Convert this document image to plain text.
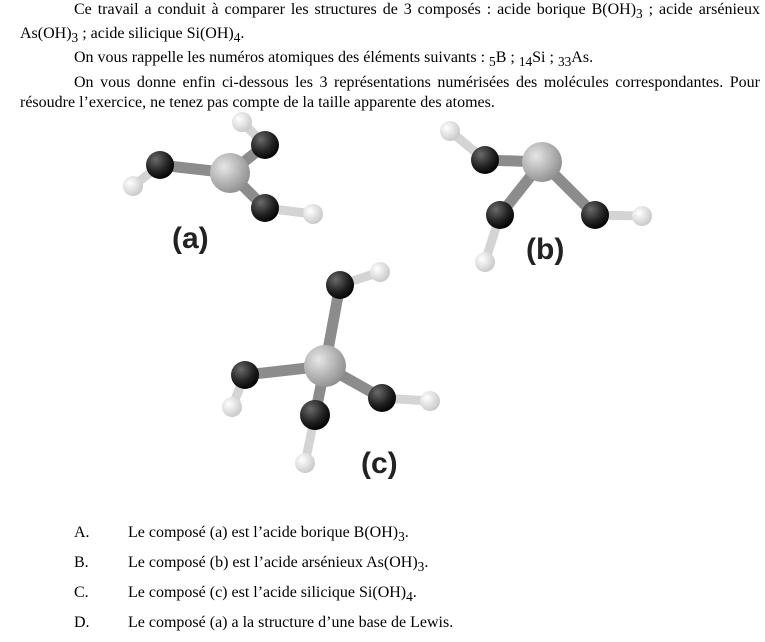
Ce travail a conduit à comparer les structures de 3 composés : acide borique $B(OH)_3$ ; acide arsénieux $As(OH)_3$ ; acide silicique $Si(OH)_4$.

On vous rappelle les numéros atomiques des éléments suivants : $_5$B ; $_{14}$Si ; $_{33}$As.

On vous donne enfin ci-dessous les 3 représentations numérisées des molécules correspondantes. Pour résoudre l’exercice, ne tenez pas compte de la taille apparente des atomes.

(a)	(b)
(c)
A. Le composé (a) est l’acide borique $B(OH)_3$.
B. Le composé (b) est l’acide arsénieux $As(OH)_3$.
C. Le composé (c) est l’acide silicique $Si(OH)_4$.
D. Le composé (a) a la structure d’une base de Lewis.
